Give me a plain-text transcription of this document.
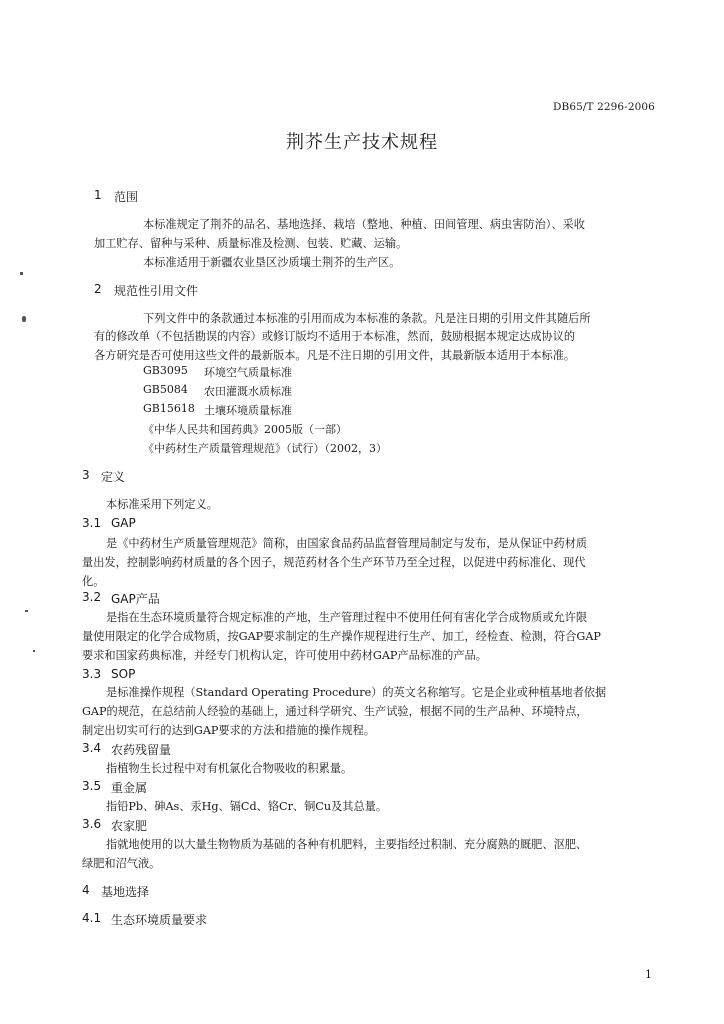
DB65/T 2296-2006
荆芥生产技术规程
1 范围
本标准规定了荆芥的品名、基地选择、栽培（整地、种植、田间管理、病虫害防治）、采收
加工贮存、留种与采种、质量标准及检测、包装、贮藏、运输。
本标准适用于新疆农业垦区沙质壤土荆芥的生产区。
2 规范性引用文件
下列文件中的条款通过本标准的引用而成为本标准的条款。凡是注日期的引用文件其随后所
有的修改单（不包括勘误的内容）或修订版均不适用于本标准，然而，鼓励根据本规定达成协议的
各方研究是否可使用这些文件的最新版本。凡是不注日期的引用文件，其最新版本适用于本标准。
GB3095 环境空气质量标准
GB5084 农田灌溉水质标准
GB15618 土壤环境质量标准
《中华人民共和国药典》2005版（一部）
《中药材生产质量管理规范》（试行）（2002，3）
3 定义
本标准采用下列定义。
3.1 GAP
是《中药材生产质量管理规范》简称，由国家食品药品监督管理局制定与发布，是从保证中药材质
量出发，控制影响药材质量的各个因子，规范药材各个生产环节乃至全过程，以促进中药标准化、现代
化。
3.2 GAP产品
是指在生态环境质量符合规定标准的产地，生产管理过程中不使用任何有害化学合成物质或允许限
量使用限定的化学合成物质，按GAP要求制定的生产操作规程进行生产、加工，经检查、检测，符合GAP
要求和国家药典标准，并经专门机构认定，许可使用中药材GAP产品标准的产品。
3.3 SOP
是标准操作规程（Standard Operating Procedure）的英文名称缩写。它是企业或种植基地者依据
GAP的规范，在总结前人经验的基础上，通过科学研究、生产试验，根据不同的生产品种、环境特点，
制定出切实可行的达到GAP要求的方法和措施的操作规程。
3.4 农药残留量
指植物生长过程中对有机氯化合物吸收的积累量。
3.5 重金属
指铅Pb、砷As、汞Hg、镉Cd、铬Cr、铜Cu及其总量。
3.6 农家肥
指就地使用的以大量生物物质为基础的各种有机肥料，主要指经过积制、充分腐熟的厩肥、沤肥、
绿肥和沼气液。
4 基地选择
4.1 生态环境质量要求
1
